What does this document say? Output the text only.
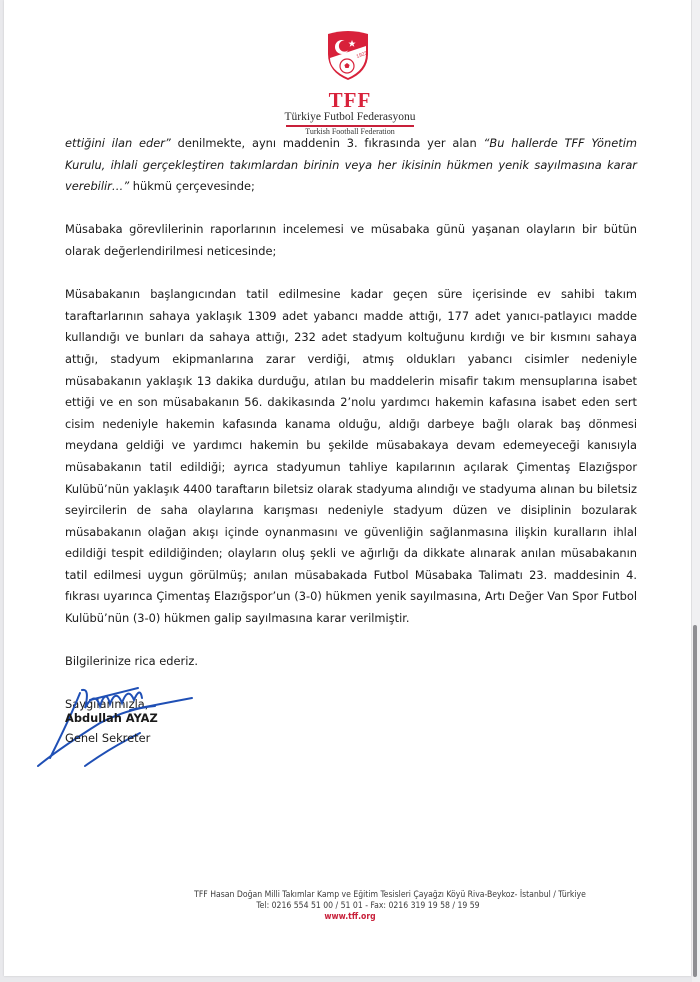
1923
TFF
Türkiye Futbol Federasyonu
Turkish Football Federation

ettiğini ilan eder” denilmekte, aynı maddenin 3. fıkrasında yer alan “Bu hallerde TFF Yönetim Kurulu, ihlali gerçekleştiren takımlardan birinin veya her ikisinin hükmen yenik sayılmasına karar verebilir…” hükmü çerçevesinde;

Müsabaka görevlilerinin raporlarının incelemesi ve müsabaka günü yaşanan olayların bir bütün olarak değerlendirilmesi neticesinde;

Müsabakanın başlangıcından tatil edilmesine kadar geçen süre içerisinde ev sahibi takım taraftarlarının sahaya yaklaşık 1309 adet yabancı madde attığı, 177 adet yanıcı-patlayıcı madde kullandığı ve bunları da sahaya attığı, 232 adet stadyum koltuğunu kırdığı ve bir kısmını sahaya attığı, stadyum ekipmanlarına zarar verdiği, atmış oldukları yabancı cisimler nedeniyle müsabakanın yaklaşık 13 dakika durduğu, atılan bu maddelerin misafir takım mensuplarına isabet ettiği ve en son müsabakanın 56. dakikasında 2’nolu yardımcı hakemin kafasına isabet eden sert cisim nedeniyle hakemin kafasında kanama olduğu, aldığı darbeye bağlı olarak baş dönmesi meydana geldiği ve yardımcı hakemin bu şekilde müsabakaya devam edemeyeceği kanısıyla müsabakanın tatil edildiği; ayrıca stadyumun tahliye kapılarının açılarak Çimentaş Elazığspor Kulübü’nün yaklaşık 4400 taraftarın biletsiz olarak stadyuma alındığı ve stadyuma alınan bu biletsiz seyircilerin de saha olaylarına karışması nedeniyle stadyum düzen ve disiplinin bozularak müsabakanın olağan akışı içinde oynanmasını ve güvenliğin sağlanmasına ilişkin kuralların ihlal edildiği tespit edildiğinden; olayların oluş şekli ve ağırlığı da dikkate alınarak anılan müsabakanın tatil edilmesi uygun görülmüş; anılan müsabakada Futbol Müsabaka Talimatı 23. maddesinin 4. fıkrası uyarınca Çimentaş Elazığspor’un (3-0) hükmen yenik sayılmasına, Artı Değer Van Spor Futbol Kulübü’nün (3-0) hükmen galip sayılmasına karar verilmiştir.

Bilgilerinize rica ederiz.

Saygılarımızla,

Abdullah AYAZ
Genel Sekreter
TFF Hasan Doğan Milli Takımlar Kamp ve Eğitim Tesisleri Çayağzı Köyü Riva-Beykoz- İstanbul / Türkiye
Tel: 0216 554 51 00 / 51 01 - Fax: 0216 319 19 58 / 19 59
www.tff.org
